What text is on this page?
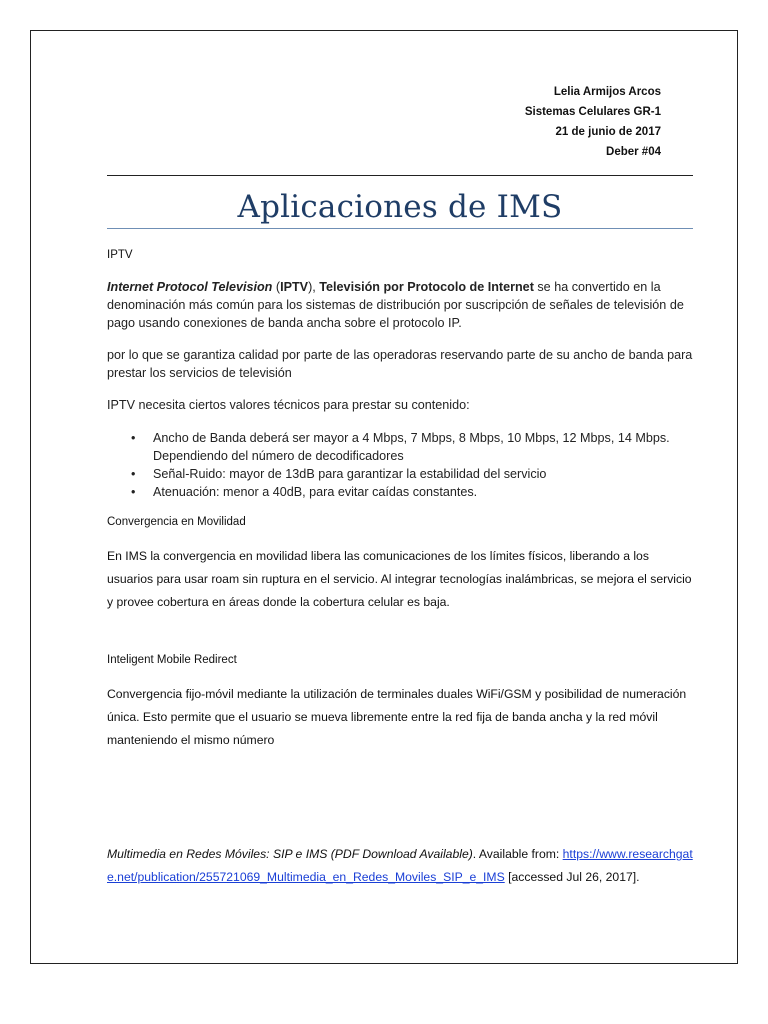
Lelia Armijos Arcos
Sistemas Celulares GR-1
21 de junio de 2017
Deber #04
Aplicaciones de IMS
IPTV
Internet Protocol Television (IPTV), Televisión por Protocolo de Internet se ha convertido en la denominación más común para los sistemas de distribución por suscripción de señales de televisión de pago usando conexiones de banda ancha sobre el protocolo IP.
por lo que se garantiza calidad por parte de las operadoras reservando parte de su ancho de banda para prestar los servicios de televisión
IPTV necesita ciertos valores técnicos para prestar su contenido:
• Ancho de Banda deberá ser mayor a 4 Mbps, 7 Mbps, 8 Mbps, 10 Mbps, 12 Mbps, 14 Mbps. Dependiendo del número de decodificadores
• Señal-Ruido: mayor de 13dB para garantizar la estabilidad del servicio
• Atenuación: menor a 40dB, para evitar caídas constantes.
Convergencia en Movilidad
En IMS la convergencia en movilidad libera las comunicaciones de los límites físicos, liberando a los usuarios para usar roam sin ruptura en el servicio. Al integrar tecnologías inalámbricas, se mejora el servicio y provee cobertura en áreas donde la cobertura celular es baja.
Inteligent Mobile Redirect
Convergencia fijo-móvil mediante la utilización de terminales duales WiFi/GSM y posibilidad de numeración única. Esto permite que el usuario se mueva libremente entre la red fija de banda ancha y la red móvil manteniendo el mismo número
Multimedia en Redes Móviles: SIP e IMS (PDF Download Available). Available from: https://www.researchgate.net/publication/255721069_Multimedia_en_Redes_Moviles_SIP_e_IMS [accessed Jul 26, 2017].
